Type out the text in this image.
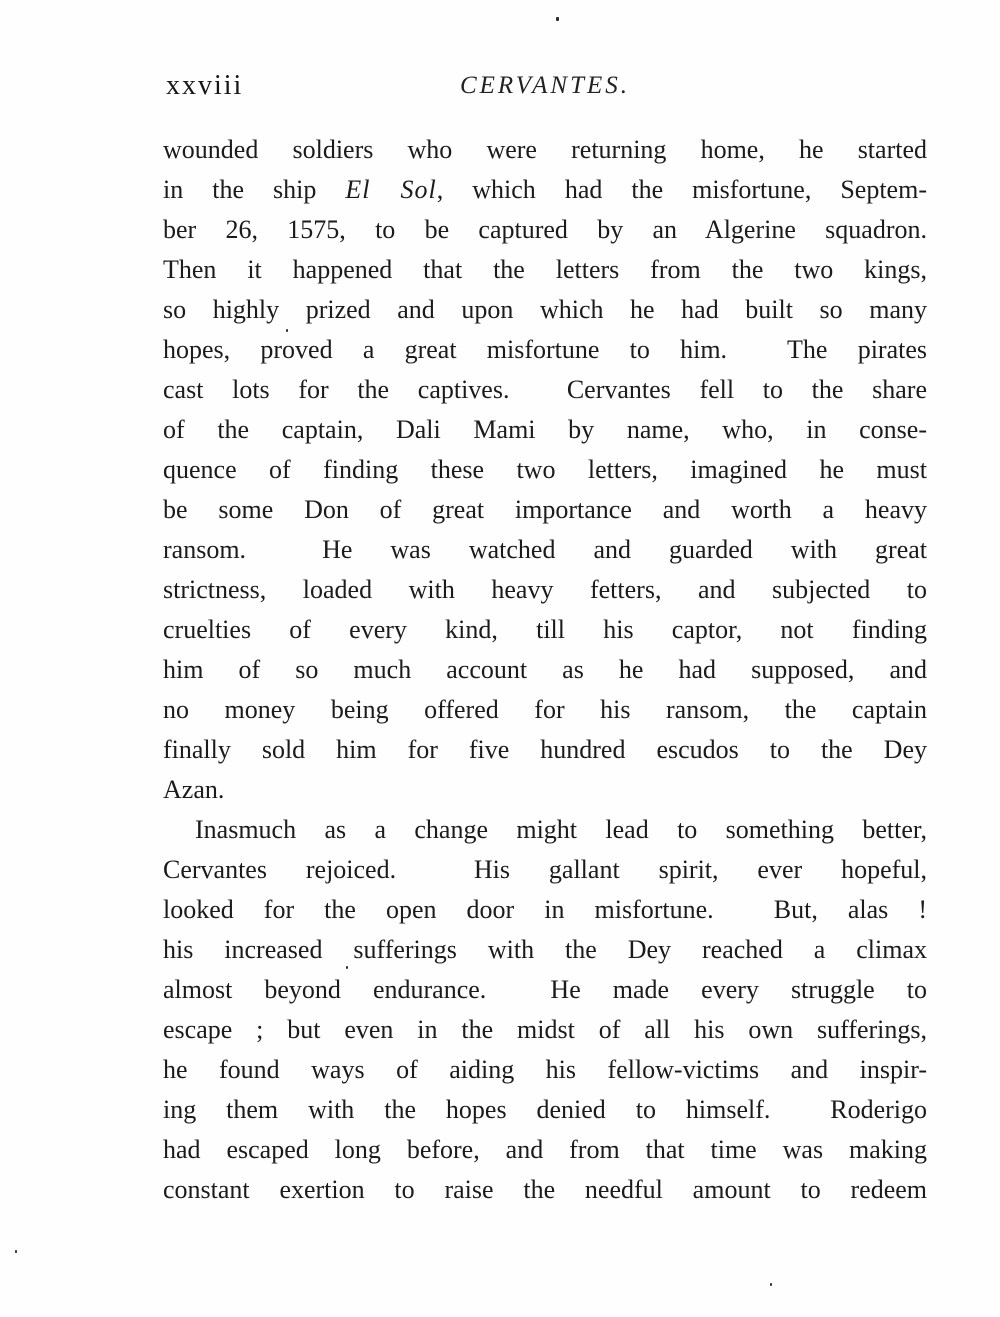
xxviii	CERVANTES.
wounded soldiers who were returning home, he started
in the ship El Sol, which had the misfortune, Septem-
ber 26, 1575, to be captured by an Algerine squadron.
Then it happened that the letters from the two kings,
so highly prized and upon which he had built so many
hopes, proved a great misfortune to him.  The pirates
cast lots for the captives.  Cervantes fell to the share
of the captain, Dali Mami by name, who, in conse-
quence of finding these two letters, imagined he must
be some Don of great importance and worth a heavy
ransom.  He was watched and guarded with great
strictness, loaded with heavy fetters, and subjected to
cruelties of every kind, till his captor, not finding
him of so much account as he had supposed, and
no money being offered for his ransom, the captain
finally sold him for five hundred escudos to the Dey
Azan.
Inasmuch as a change might lead to something better,
Cervantes rejoiced.  His gallant spirit, ever hopeful,
looked for the open door in misfortune.  But, alas !
his increased sufferings with the Dey reached a climax
almost beyond endurance.  He made every struggle to
escape ; but even in the midst of all his own sufferings,
he found ways of aiding his fellow-victims and inspir-
ing them with the hopes denied to himself.  Roderigo
had escaped long before, and from that time was making
constant exertion to raise the needful amount to redeem
